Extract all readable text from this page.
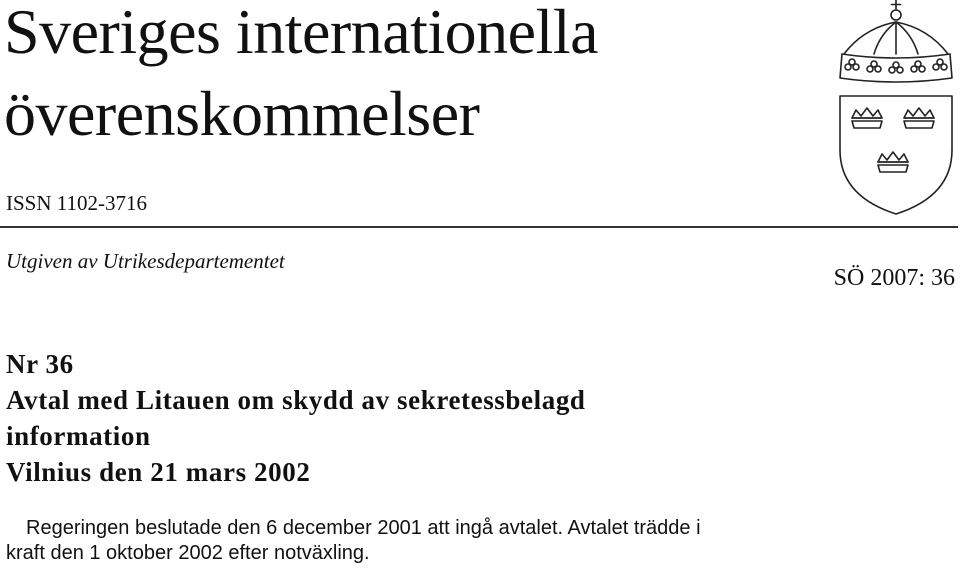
Sveriges internationella
överenskommelser
ISSN 1102-3716
Utgiven av Utrikesdepartementet
SÖ 2007: 36
Nr 36
Avtal med Litauen om skydd av sekretessbelagd
information
Vilnius den 21 mars 2002
Regeringen beslutade den 6 december 2001 att ingå avtalet. Avtalet trädde i
kraft den 1 oktober 2002 efter notväxling.
